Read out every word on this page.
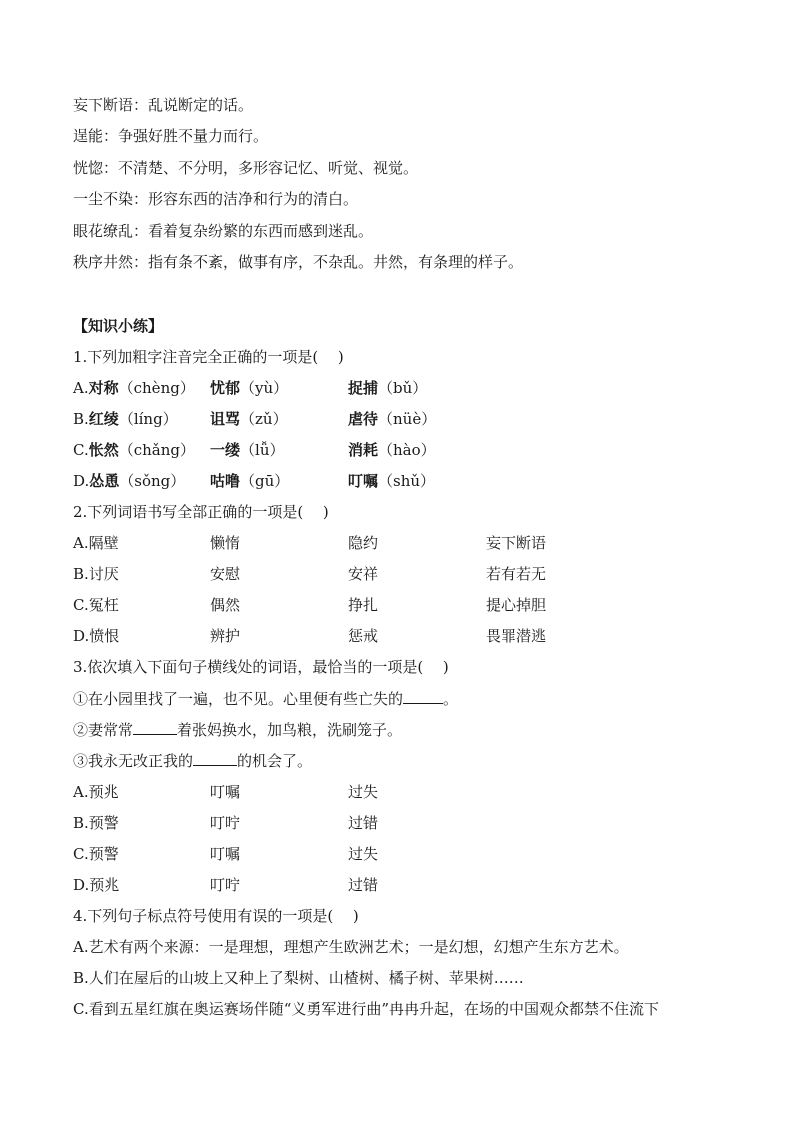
妄下断语：乱说断定的话。
逞能：争强好胜不量力而行。
恍惚：不清楚、不分明，多形容记忆、听觉、视觉。
一尘不染：形容东西的洁净和行为的清白。
眼花缭乱：看着复杂纷繁的东西而感到迷乱。
秩序井然：指有条不紊，做事有序，不杂乱。井然，有条理的样子。
【知识小练】
1.下列加粗字注音完全正确的一项是(　 )
A.对称（chèng） 忧郁（yù）	捉捕（bǔ）
B.红绫（líng） 诅骂（zǔ）	虐待（nüè）
C.怅然（chǎng） 一缕（lǚ）	消耗（hào）
D.怂恿（sǒng） 咕噜（gū）	叮嘱（shǔ）
2.下列词语书写全部正确的一项是(　 )
A.隔壁	懒惰	隐约	妄下断语
B.讨厌	安慰	安祥	若有若无
C.冤枉	偶然	挣扎	提心掉胆
D.愤恨	辨护	惩戒	畏罪潜逃
3.依次填入下面句子横线处的词语，最恰当的一项是(　 )
①在小园里找了一遍，也不见。心里便有些亡失的	。
②妻常常	着张妈换水，加鸟粮，洗刷笼子。
③我永无改正我的	的机会了。
A.预兆	叮嘱	过失
B.预警	叮咛	过错
C.预警	叮嘱	过失
D.预兆	叮咛	过错
4.下列句子标点符号使用有误的一项是(　 )
A.艺术有两个来源：一是理想，理想产生欧洲艺术；一是幻想，幻想产生东方艺术。
B.人们在屋后的山坡上又种上了梨树、山楂树、橘子树、苹果树……
C.看到五星红旗在奥运赛场伴随“义勇军进行曲”冉冉升起，在场的中国观众都禁不住流下
